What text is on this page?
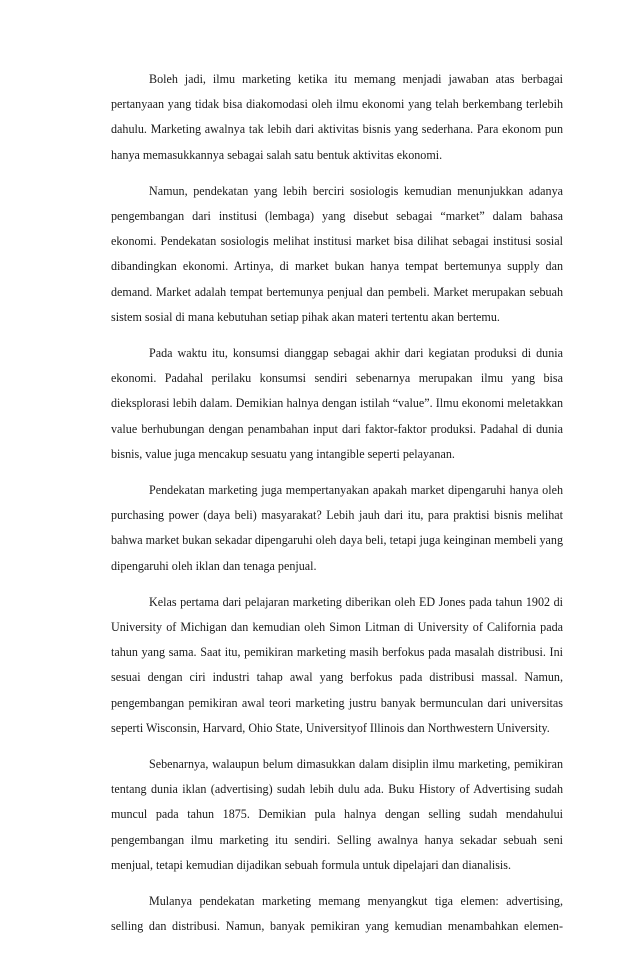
Boleh jadi, ilmu marketing ketika itu memang menjadi jawaban atas berbagai pertanyaan yang tidak bisa diakomodasi oleh ilmu ekonomi yang telah berkembang terlebih dahulu. Marketing awalnya tak lebih dari aktivitas bisnis yang sederhana. Para ekonom pun hanya memasukkannya sebagai salah satu bentuk aktivitas ekonomi.

Namun, pendekatan yang lebih berciri sosiologis kemudian menunjukkan adanya pengembangan dari institusi (lembaga) yang disebut sebagai “market” dalam bahasa ekonomi. Pendekatan sosiologis melihat institusi market bisa dilihat sebagai institusi sosial dibandingkan ekonomi. Artinya, di market bukan hanya tempat bertemunya supply dan demand. Market adalah tempat bertemunya penjual dan pembeli. Market merupakan sebuah sistem sosial di mana kebutuhan setiap pihak akan materi tertentu akan bertemu.

Pada waktu itu, konsumsi dianggap sebagai akhir dari kegiatan produksi di dunia ekonomi. Padahal perilaku konsumsi sendiri sebenarnya merupakan ilmu yang bisa dieksplorasi lebih dalam. Demikian halnya dengan istilah “value”. Ilmu ekonomi meletakkan value berhubungan dengan penambahan input dari faktor-faktor produksi. Padahal di dunia bisnis, value juga mencakup sesuatu yang intangible seperti pelayanan.

Pendekatan marketing juga mempertanyakan apakah market dipengaruhi hanya oleh purchasing power (daya beli) masyarakat? Lebih jauh dari itu, para praktisi bisnis melihat bahwa market bukan sekadar dipengaruhi oleh daya beli, tetapi juga keinginan membeli yang dipengaruhi oleh iklan dan tenaga penjual.

Kelas pertama dari pelajaran marketing diberikan oleh ED Jones pada tahun 1902 di University of Michigan dan kemudian oleh Simon Litman di University of California pada tahun yang sama. Saat itu, pemikiran marketing masih berfokus pada masalah distribusi. Ini sesuai dengan ciri industri tahap awal yang berfokus pada distribusi massal. Namun, pengembangan pemikiran awal teori marketing justru banyak bermunculan dari universitas seperti Wisconsin, Harvard, Ohio State, Universityof Illinois dan Northwestern University.

Sebenarnya, walaupun belum dimasukkan dalam disiplin ilmu marketing, pemikiran tentang dunia iklan (advertising) sudah lebih dulu ada. Buku History of Advertising sudah muncul pada tahun 1875. Demikian pula halnya dengan selling sudah mendahului pengembangan ilmu marketing itu sendiri. Selling awalnya hanya sekadar sebuah seni menjual, tetapi kemudian dijadikan sebuah formula untuk dipelajari dan dianalisis.

Mulanya pendekatan marketing memang menyangkut tiga elemen: advertising, selling dan distribusi. Namun, banyak pemikiran yang kemudian menambahkan elemen-
